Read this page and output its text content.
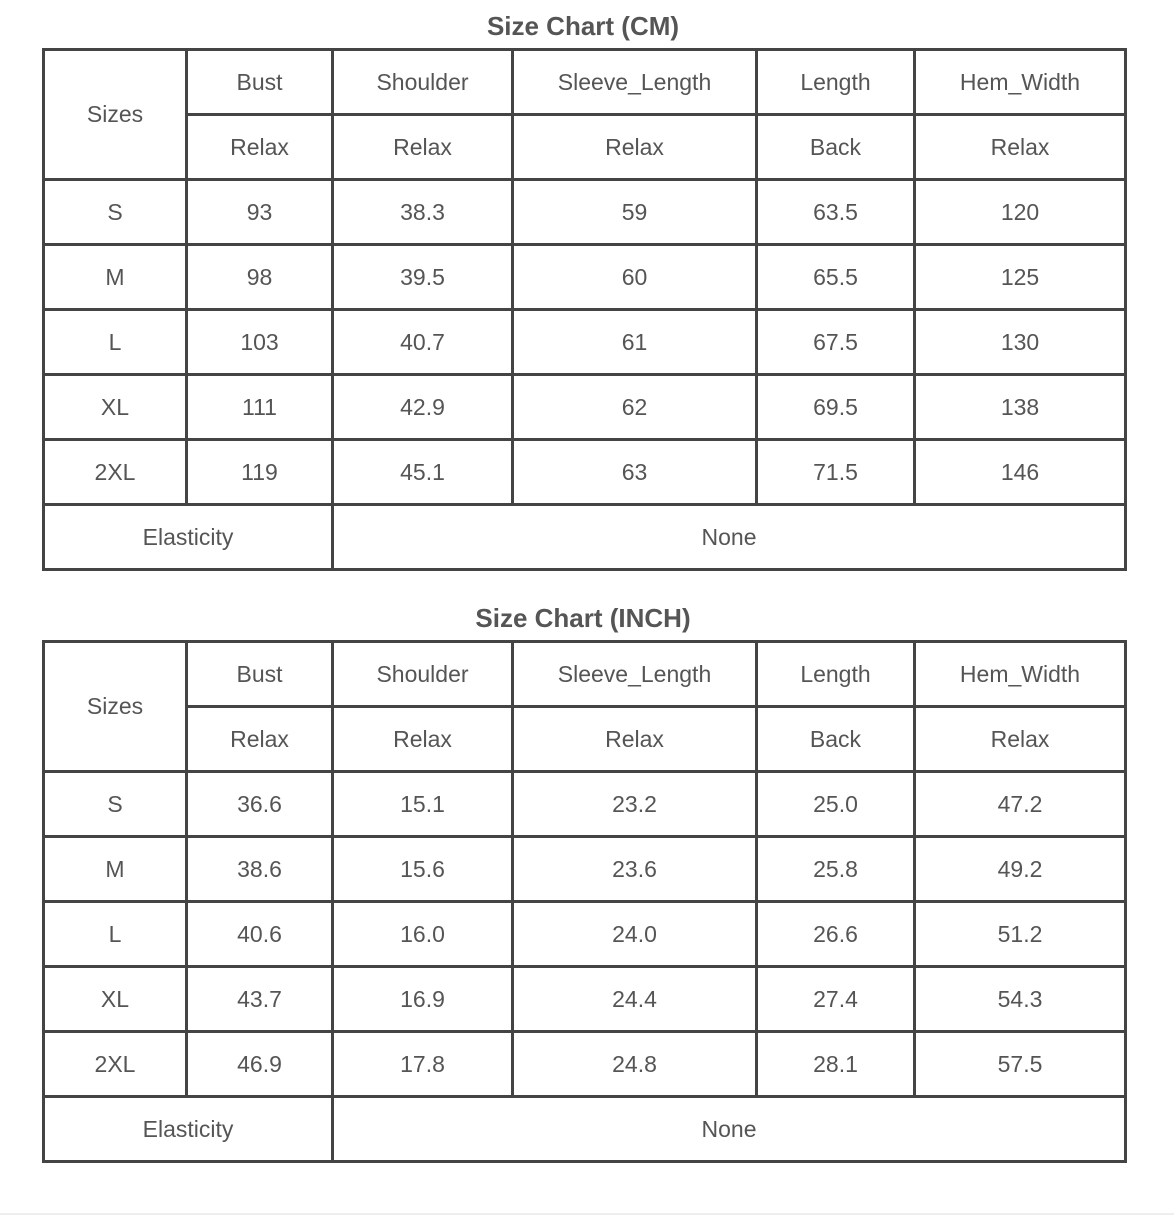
Size Chart (CM)
Sizes	Bust	Shoulder	Sleeve_Length	Length	Hem_Width
	Relax	Relax	Relax	Back	Relax
S	93	38.3	59	63.5	120
M	98	39.5	60	65.5	125
L	103	40.7	61	67.5	130
XL	111	42.9	62	69.5	138
2XL	119	45.1	63	71.5	146
Elasticity		None			
Size Chart (INCH)
Sizes	Bust	Shoulder	Sleeve_Length	Length	Hem_Width
	Relax	Relax	Relax	Back	Relax
S	36.6	15.1	23.2	25.0	47.2
M	38.6	15.6	23.6	25.8	49.2
L	40.6	16.0	24.0	26.6	51.2
XL	43.7	16.9	24.4	27.4	54.3
2XL	46.9	17.8	24.8	28.1	57.5
Elasticity		None			
